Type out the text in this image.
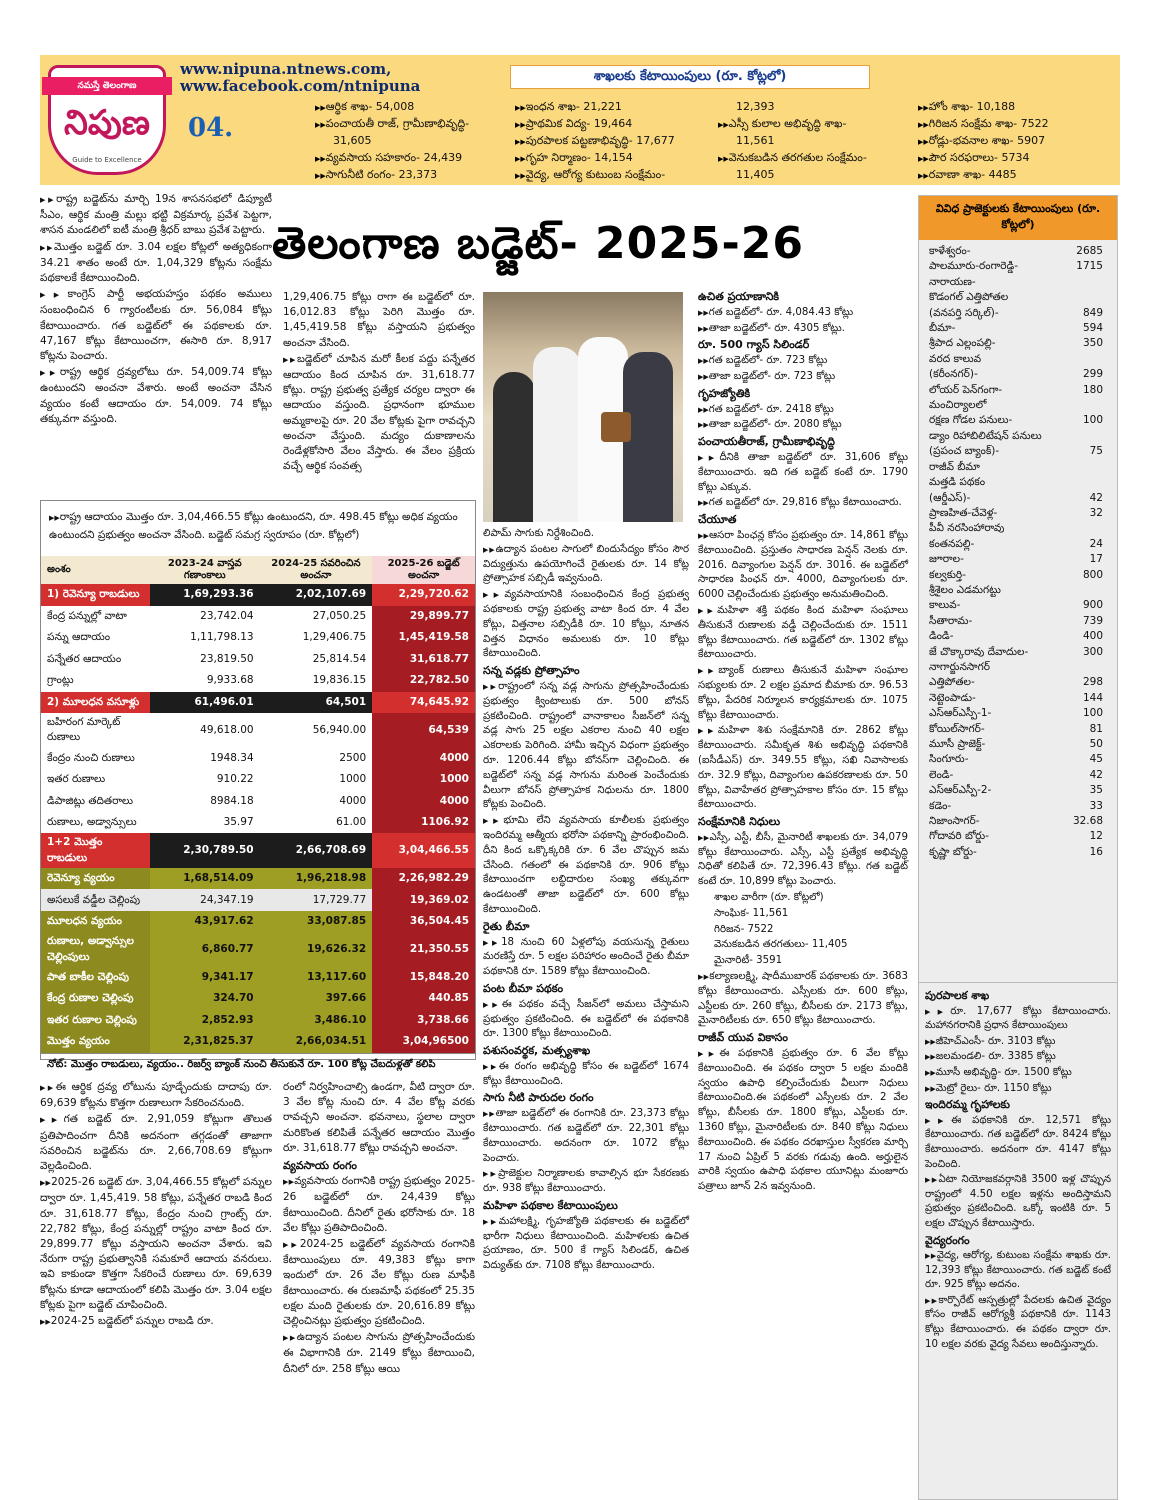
నమస్తే తెలంగాణ
నిపుణ
Guide to Excellence
04.
www.nipuna.ntnews.com,
www.facebook.com/ntnipuna
శాఖలకు కేటాయింపులు (రూ. కోట్లలో)
▶▶ ఆర్థిక శాఖ- 54,008
▶▶ పంచాయతీ రాజ్, గ్రామీణాభివృద్ధి-
31,605
▶▶ వ్యవసాయ సహకారం- 24,439
▶▶ సాగునీటి రంగం- 23,373
▶▶ ఇంధన శాఖ- 21,221
▶▶ ప్రాథమిక విద్య- 19,464
▶▶ పురపాలక పట్టణాభివృద్ధి- 17,677
▶▶ గృహ నిర్మాణం- 14,154
▶▶ వైద్య, ఆరోగ్య కుటుంబ సంక్షేమం-
12,393
▶▶ ఎస్సీ కులాల అభివృద్ధి శాఖ-
11,561
▶▶ వెనుకబడిన తరగతుల సంక్షేమం-
11,405
▶▶ హోం శాఖ- 10,188
▶▶ గిరిజన సంక్షేమ శాఖ- 7522
▶▶ రోడ్లు-భవనాల శాఖ- 5907
▶▶ పౌర సరఫరాలు- 5734
▶▶ రవాణా శాఖ- 4485
తెలంగాణ బడ్జెట్- 2025-26

▶▶ రాష్ట్ర బడ్జెట్‌ను మార్చి 19న శాసనసభలో డిప్యూటీ సీఎం, ఆర్థిక మంత్రి మల్లు భట్టి విక్రమార్క ప్రవేశ పెట్టగా, శాసన మండలిలో ఐటీ మంత్రి శ్రీధర్ బాబు ప్రవేశ పెట్టారు.

▶▶ మొత్తం బడ్జెట్ రూ. 3.04 లక్షల కోట్లలో అత్యధికంగా 34.21 శాతం అంటే రూ. 1,04,329 కోట్లను సంక్షేమ పథకాలకే కేటాయించింది.

▶▶ కాంగ్రెస్ పార్టీ అభయహస్తం పథకం అములు సంబంధించిన 6 గ్యారంటీలకు రూ. 56,084 కోట్లు కేటాయించారు. గత బడ్జెట్‌లో ఈ పథకాలకు రూ. 47,167 కోట్లు కేటాయించగా, ఈసారి రూ. 8,917 కోట్లను పెంచారు.

▶▶ రాష్ట్ర ఆర్థిక ద్రవ్యలోటు రూ. 54,009.74 కోట్లు ఉంటుందని అంచనా వేశారు. అంటే అంచనా వేసిన వ్యయం కంటే ఆదాయం రూ. 54,009. 74 కోట్లు తక్కువగా వస్తుంది.

1,29,406.75 కోట్లు రాగా ఈ బడ్జెట్‌లో రూ. 16,012.83 కోట్లు పెరిగి మొత్తం రూ. 1,45,419.58 కోట్లు వస్తాయని ప్రభుత్వం అంచనా వేసింది.

▶▶ బడ్జెట్‌లో చూపిన మరో కీలక పద్దు పన్నేతర ఆదాయం కింద చూపిన రూ. 31,618.77 కోట్లు. రాష్ట్ర ప్రభుత్వ ప్రత్యేక చర్యల ద్వారా ఈ ఆదాయం వస్తుంది. ప్రధానంగా భూముల అమ్మకాలపై రూ. 20 వేల కోట్లకు పైగా రావచ్చని అంచనా వేస్తుంది. మద్యం దుకాణాలను రెండేళ్లకోసారి వేలం వేస్తారు. ఈ వేలం ప్రక్రియ వచ్చే ఆర్థిక సంవత్స

▶▶ రాష్ట్ర ఆదాయం మొత్తం రూ. 3,04,466.55 కోట్లు ఉంటుందని, రూ. 498.45 కోట్లు అధిక వ్యయం ఉంటుందని ప్రభుత్వం అంచనా వేసింది. బడ్జెట్ సమగ్ర స్వరూపం (రూ. కోట్లలో)
అంశం	2023-24 వాస్తవ గణాంకాలు	2024-25 సవరించిన అంచనా	2025-26 బడ్జెట్ అంచనా
1) రెవెన్యూ రాబడులు	1,69,293.36	2,02,107.69	2,29,720.62
కేంద్ర పన్నుల్లో వాటా	23,742.04	27,050.25	29,899.77
పన్ను ఆదాయం	1,11,798.13	1,29,406.75	1,45,419.58
పన్నేతర ఆదాయం	23,819.50	25,814.54	31,618.77
గ్రాంట్లు	9,933.68	19,836.15	22,782.50
2) మూలధన వసూళ్లు	61,496.01	64,501	74,645.92
బహిరంగ మార్కెట్ రుణాలు	49,618.00	56,940.00	64,539
కేంద్రం నుంచి రుణాలు	1948.34	2500	4000
ఇతర రుణాలు	910.22	1000	1000
డిపాజిట్లు తదితరాలు	8984.18	4000	4000
రుణాలు, అడ్వాన్సులు	35.97	61.00	1106.92
1+2 మొత్తం రాబడులు	2,30,789.50	2,66,708.69	3,04,466.55
రెవెన్యూ వ్యయం	1,68,514.09	1,96,218.98	2,26,982.29
అసలుకే వడ్డీల చెల్లింపు	24,347.19	17,729.77	19,369.02
మూలధన వ్యయం	43,917.62	33,087.85	36,504.45
రుణాలు, అడ్వాన్సుల చెల్లింపులు	6,860.77	19,626.32	21,350.55
పాత బాకీల చెల్లింపు	9,341.17	13,117.60	15,848.20
కేంద్ర రుణాల చెల్లింపు	324.70	397.66	440.85
ఇతర రుణాల చెల్లింపు	2,852.93	3,486.10	3,738.66
మొత్తం వ్యయం	2,31,825.37	2,66,034.51	3,04,96500
నోట్: మొత్తం రాబడులు, వ్యయం.. రిజర్వ్ బ్యాంక్ నుంచి తీసుకునే రూ. 100 కోట్ల చేబదుళ్లతో కలిపి

▶▶ ఈ ఆర్థిక ద్రవ్య లోటును పూడ్చేందుకు దాదాపు రూ. 69,639 కోట్లను కొత్తగా రుణాలుగా సేకరించనుంది.

▶▶ గత బడ్జెట్ రూ. 2,91,059 కోట్లుగా తొలుత ప్రతిపాదించగా దీనికి అదనంగా తగ్గడంతో తాజాగా సవరించిన బడ్జెట్‌ను రూ. 2,66,708.69 కోట్లుగా వెల్లడించింది.

▶▶ 2025-26 బడ్జెట్ రూ. 3,04,466.55 కోట్లలో పన్నుల ద్వారా రూ. 1,45,419. 58 కోట్లు, పన్నేతర రాబడి కింద రూ. 31,618.77 కోట్లు, కేంద్రం నుంచి గ్రాంట్స్ రూ. 22,782 కోట్లు, కేంద్ర పన్నుల్లో రాష్ట్రం వాటా కింద రూ. 29,899.77 కోట్లు వస్తాయని అంచనా వేశారు. ఇవి నేరుగా రాష్ట్ర ప్రభుత్వానికి సమకూరే ఆదాయ వనరులు. ఇవి కాకుండా కొత్తగా సేకరించే రుణాలు రూ. 69,639 కోట్లను కూడా ఆదాయంలో కలిపి మొత్తం రూ. 3.04 లక్షల కోట్లకు పైగా బడ్జెట్ చూపించింది.

▶▶ 2024-25 బడ్జెట్‌లో పన్నుల రాబడి రూ.

రంలో నిర్వహించాల్సి ఉండగా, వీటి ద్వారా రూ. 3 వేల కోట్ల నుంచి రూ. 4 వేల కోట్ల వరకు రావచ్చని అంచనా. భవనాలు, స్థలాల ద్వారా మరికొంత కలిపితే పన్నేతర ఆదాయం మొత్తం రూ. 31,618.77 కోట్లు రావచ్చని అంచనా.

వ్యవసాయ రంగం

▶▶ వ్యవసాయ రంగానికి రాష్ట్ర ప్రభుత్వం 2025-26 బడ్జెట్‌లో రూ. 24,439 కోట్లు కేటాయించింది. దీనిలో రైతు భరోసాకు రూ. 18 వేల కోట్లు ప్రతిపాదించింది.

▶▶ 2024-25 బడ్జెట్‌లో వ్యవసాయ రంగానికి కేటాయింపులు రూ. 49,383 కోట్లు కాగా ఇందులో రూ. 26 వేల కోట్లు రుణ మాఫీకి కేటాయించారు. ఈ రుణమాఫీ పథకంలో 25.35 లక్షల మంది రైతులకు రూ. 20,616.89 కోట్లు చెల్లించినట్లు ప్రభుత్వం ప్రకటించింది.

▶▶ ఉద్యాన పంటల సాగును ప్రోత్సహించేందుకు ఈ విభాగానికి రూ. 2149 కోట్లు కేటాయించి, దీనిలో రూ. 258 కోట్లు ఆయి

లిపామ్ సాగుకు నిర్దేశించింది.

▶▶ ఉద్యాన పంటల సాగులో బిందుసేద్యం కోసం సౌర విద్యుత్తును ఉపయోగించే రైతులకు రూ. 14 కోట్ల ప్రోత్సాహక సబ్సిడీ ఇవ్వనుంది.

▶▶ వ్యవసాయానికి సంబంధించిన కేంద్ర ప్రభుత్వ పథకాలకు రాష్ట్ర ప్రభుత్వ వాటా కింద రూ. 4 వేల కోట్లు, విత్తనాల సబ్సిడీకి రూ. 10 కోట్లు, నూతన విత్తన విధానం అమలుకు రూ. 10 కోట్లు కేటాయించింది.

సన్న వడ్లకు ప్రోత్సాహం

▶▶ రాష్ట్రంలో సన్న వడ్ల సాగును ప్రోత్సహించేందుకు ప్రభుత్వం క్వింటాలుకు రూ. 500 బోనస్ ప్రకటించింది. రాష్ట్రంలో వానాకాలం సీజన్‌లో సన్న వడ్ల సాగు 25 లక్షల ఎకరాల నుంచి 40 లక్షల ఎకరాలకు పెరిగింది. హామీ ఇచ్చిన విధంగా ప్రభుత్వం రూ. 1206.44 కోట్లు బోనస్‌గా చెల్లించింది. ఈ బడ్జెట్‌లో సన్న వడ్ల సాగును మరింత పెంచేందుకు వీలుగా బోనస్ ప్రోత్సాహక నిధులను రూ. 1800 కోట్లకు పెంచింది.

▶▶ భూమి లేని వ్యవసాయ కూలీలకు ప్రభుత్వం ఇందిరమ్మ ఆత్మీయ భరోసా పథకాన్ని ప్రారంభించింది. దీని కింద ఒక్కొక్కరికి రూ. 6 వేల చొప్పున జమ చేసింది. గతంలో ఈ పథకానికి రూ. 906 కోట్లు కేటాయించగా లబ్ధిదారుల సంఖ్య తక్కువగా ఉండటంతో తాజా బడ్జెట్‌లో రూ. 600 కోట్లు కేటాయించింది.

రైతు బీమా

▶▶ 18 నుంచి 60 ఏళ్లలోపు వయసున్న రైతులు మరణిస్తే రూ. 5 లక్షల పరిహారం అందించే రైతు బీమా పథకానికి రూ. 1589 కోట్లు కేటాయించింది.

పంట బీమా పథకం

▶▶ ఈ పథకం వచ్చే సీజన్‌లో అమలు చేస్తామని ప్రభుత్వం ప్రకటించింది. ఈ బడ్జెట్‌లో ఈ పథకానికి రూ. 1300 కోట్లు కేటాయించింది.

పశుసంవర్థక, మత్స్యశాఖ

▶▶ ఈ రంగం అభివృద్ధి కోసం ఈ బడ్జెట్‌లో 1674 కోట్లు కేటాయించింది.

సాగు నీటి పారుదల రంగం

▶▶ తాజా బడ్జెట్‌లో ఈ రంగానికి రూ. 23,373 కోట్లు కేటాయించారు. గత బడ్జెట్‌లో రూ. 22,301 కోట్లు కేటాయించారు. అదనంగా రూ. 1072 కోట్లు పెంచారు.

▶▶ ప్రాజెక్టుల నిర్మాణాలకు కావాల్సిన భూ సేకరణకు రూ. 938 కోట్లు కేటాయించారు.

మహిళా పథకాల కేటాయింపులు

▶▶ మహాలక్ష్మి, గృహజ్యోతి పథకాలకు ఈ బడ్జెట్‌లో భారీగా నిధులు కేటాయించింది. మహిళలకు ఉచిత ప్రయాణం, రూ. 500 కే గ్యాస్ సిలిండర్, ఉచిత విద్యుత్‌కు రూ. 7108 కోట్లు కేటాయించారు.

ఉచిత ప్రయాణానికి

▶▶ గత బడ్జెట్‌లో- రూ. 4,084.43 కోట్లు

▶▶ తాజా బడ్జెట్‌లో- రూ. 4305 కోట్లు.

రూ. 500 గ్యాస్ సిలిండర్

▶▶ గత బడ్జెట్‌లో- రూ. 723 కోట్లు

▶▶ తాజా బడ్జెట్‌లో- రూ. 723 కోట్లు

గృహజ్యోతికి

▶▶ గత బడ్జెట్‌లో- రూ. 2418 కోట్లు

▶▶ తాజా బడ్జెట్‌లో- రూ. 2080 కోట్లు

పంచాయతీరాజ్, గ్రామీణాభివృద్ధి

▶▶ దీనికి తాజా బడ్జెట్‌లో రూ. 31,606 కోట్లు కేటాయించారు. ఇది గత బడ్జెట్ కంటే రూ. 1790 కోట్లు ఎక్కువ.

▶▶ గత బడ్జెట్‌లో రూ. 29,816 కోట్లు కేటాయించారు.

చేయూత

▶▶ ఆసరా పింఛన్ల కోసం ప్రభుత్వం రూ. 14,861 కోట్లు కేటాయించింది. ప్రస్తుతం సాధారణ పెన్షన్ నెలకు రూ. 2016. దివ్యాంగుల పెన్షన్ రూ. 3016. ఈ బడ్జెట్‌లో సాధారణ పింఛన్ రూ. 4000, దివ్యాంగులకు రూ. 6000 చెల్లించేందుకు ప్రభుత్వం అనుమతించింది.

▶▶ మహిళా శక్తి పథకం కింద మహిళా సంఘాలు తీసుకునే రుణాలకు వడ్డీ చెల్లించేందుకు రూ. 1511 కోట్లు కేటాయించారు. గత బడ్జెట్‌లో రూ. 1302 కోట్లు కేటాయించారు.

▶▶ బ్యాంక్ రుణాలు తీసుకునే మహిళా సంఘాల సభ్యులకు రూ. 2 లక్షల ప్రమాద బీమాకు రూ. 96.53 కోట్లు, పేదరిక నిర్మూలన కార్యక్రమాలకు రూ. 1075 కోట్లు కేటాయించారు.

▶▶ మహిళా శిశు సంక్షేమానికి రూ. 2862 కోట్లు కేటాయించారు. సమీకృత శిశు అభివృద్ధి పథకానికి (ఐసీడీఎస్) రూ. 349.55 కోట్లు, సఖి నివాసాలకు రూ. 32.9 కోట్లు, దివ్యాంగుల ఉపకరణాలకు రూ. 50 కోట్లు, వివాహేతర ప్రోత్సాహకాల కోసం రూ. 15 కోట్లు కేటాయించారు.

సంక్షేమానికి నిధులు

▶▶ ఎస్సీ, ఎస్టీ, బీసీ, మైనారిటీ శాఖలకు రూ. 34,079 కోట్లు కేటాయించారు. ఎస్సీ, ఎస్టీ ప్రత్యేక అభివృద్ధి నిధితో కలిపితే రూ. 72,396.43 కోట్లు. గత బడ్జెట్ కంటే రూ. 10,899 కోట్లు పెంచారు.

శాఖల వారీగా (రూ. కోట్లలో)

సాంఘిక- 11,561

గిరిజన- 7522

వెనుకబడిన తరగతులు- 11,405

మైనారిటీ- 3591

▶▶ కల్యాణలక్ష్మి, షాదీముబారక్ పథకాలకు రూ. 3683 కోట్లు కేటాయించారు. ఎస్సీలకు రూ. 600 కోట్లు, ఎస్టీలకు రూ. 260 కోట్లు, బీసీలకు రూ. 2173 కోట్లు, మైనారిటీలకు రూ. 650 కోట్లు కేటాయించారు.

రాజీవ్ యువ వికాసం

▶▶ ఈ పథకానికి ప్రభుత్వం రూ. 6 వేల కోట్లు కేటాయించింది. ఈ పథకం ద్వారా 5 లక్షల మందికి స్వయం ఉపాధి కల్పించేందుకు వీలుగా నిధులు కేటాయించింది.ఈ పథకంలో ఎస్సీలకు రూ. 2 వేల కోట్లు, బీసీలకు రూ. 1800 కోట్లు, ఎస్టీలకు రూ. 1360 కోట్లు, మైనారిటీలకు రూ. 840 కోట్లు నిధులు కేటాయించింది. ఈ పథకం దరఖాస్తుల స్వీకరణ మార్చి 17 నుంచి ఏప్రిల్ 5 వరకు గడువు ఉంది. అర్హులైన వారికి స్వయం ఉపాధి పథకాల యూనిట్లు మంజూరు పత్రాలు జూన్ 2న ఇవ్వనుంది.

వివిధ ప్రాజెక్టులకు కేటాయింపులు (రూ. కోట్లలో)
కాళేశ్వరం-	2685
పాలమూరు-రంగారెడ్డి-	1715
నారాయణ-
కొడంగల్ ఎత్తిపోతల
(వనపర్తి సర్కిల్)-	849
బీమా-	594
శ్రీపాద ఎల్లంపల్లి-	350
వరద కాలువ
(కరీంనగర్)-	299
లోయర్ పెన్‌గంగా-	180
మంచిర్యాలలో
రక్షణ గోడల పనులు-	100
డ్యాం రిహాబిలిటేషన్ పనులు
(ప్రపంచ బ్యాంక్)-	75
రాజీవ్ బీమా
మత్తడి పథకం
(ఆర్డీఎస్)-	42
ప్రాణహిత-చేవెళ్ల-	32
పీవీ నరసింహారావు
కంతనపల్లి-	24
జూరాల-	17
కల్వకుర్తి-	800
శ్రీశైలం ఎడమగట్టు
కాలువ-	900
సీతారామ-	739
డిండి-	400
జే చొక్కారావు దేవాదుల-	300
నాగార్జునసాగర్
ఎత్తిపోతల-	298
నెట్టెంపాడు-	144
ఎస్ఆర్ఎస్పీ-1-	100
కోయిల్‌సాగర్-	81
మూసీ ప్రాజెక్ట్-	50
సింగూరు-	45
లెండి-	42
ఎస్ఆర్ఎస్పీ-2-	35
కడెం-	33
నిజాంసాగర్-	32.68
గోదావరి బోర్డు-	12
కృష్ణా బోర్డు-	16

పురపాలక శాఖ

▶▶ రూ. 17,677 కోట్లు కేటాయించారు. మహానగరానికి ప్రధాన కేటాయింపులు

▶▶ జీహెచ్ఎంసీ- రూ. 3103 కోట్లు

▶▶ జలమండలి- రూ. 3385 కోట్లు

▶▶ మూసీ అభివృద్ధి- రూ. 1500 కోట్లు

▶▶ మెట్రో రైలు- రూ. 1150 కోట్లు

ఇందిరమ్మ గృహాలకు

▶▶ ఈ పథకానికి రూ. 12,571 కోట్లు కేటాయించారు. గత బడ్జెట్‌లో రూ. 8424 కోట్లు కేటాయించారు. అదనంగా రూ. 4147 కోట్లు పెంచింది.

▶▶ ఏటా నియోజకవర్గానికి 3500 ఇళ్ల చొప్పున రాష్ట్రంలో 4.50 లక్షల ఇళ్లను అందిస్తామని ప్రభుత్వం ప్రకటించింది. ఒక్కో ఇంటికి రూ. 5 లక్షల చొప్పున కేటాయిస్తారు.

వైద్యరంగం

▶▶ వైద్య, ఆరోగ్య, కుటుంబ సంక్షేమ శాఖకు రూ. 12,393 కోట్లు కేటాయించారు. గత బడ్జెట్ కంటే రూ. 925 కోట్లు అదనం.

▶▶ కార్పొరేట్ ఆస్పత్రుల్లో పేదలకు ఉచిత వైద్యం కోసం రాజీవ్ ఆరోగ్యశ్రీ పథకానికి రూ. 1143 కోట్లు కేటాయించారు. ఈ పథకం ద్వారా రూ. 10 లక్షల వరకు వైద్య సేవలు అందిస్తున్నారు.
